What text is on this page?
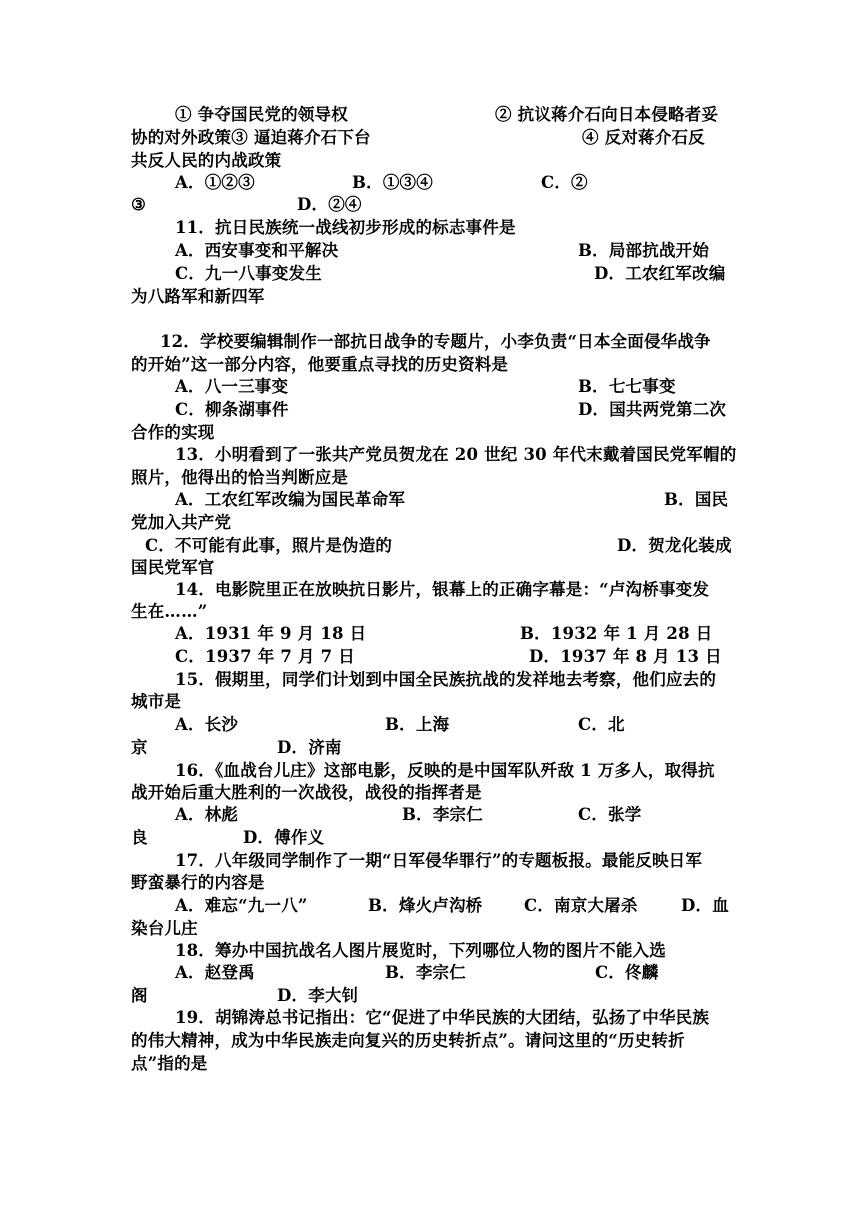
① 争夺国民党的领导权	② 抗议蒋介石向日本侵略者妥
协的对外政策③ 逼迫蒋介石下台	④ 反对蒋介石反
共反人民的内战政策
A．①②③	B．①③④	C．②
③	D．②④
11．抗日民族统一战线初步形成的标志事件是
A．西安事变和平解决	B．局部抗战开始
C．九一八事变发生	D．工农红军改编
为八路军和新四军
12．学校要编辑制作一部抗日战争的专题片，小李负责“日本全面侵华战争
的开始”这一部分内容，他要重点寻找的历史资料是
A．八一三事变	B．七七事变
C．柳条湖事件	D．国共两党第二次
合作的实现
13．小明看到了一张共产党员贺龙在 20 世纪 30 年代末戴着国民党军帽的
照片，他得出的恰当判断应是
A．工农红军改编为国民革命军	B．国民
党加入共产党
C．不可能有此事，照片是伪造的	D．贺龙化装成
国民党军官
14．电影院里正在放映抗日影片，银幕上的正确字幕是：“卢沟桥事变发
生在……”
A．1931 年 9 月 18 日	B．1932 年 1 月 28 日
C．1937 年 7 月 7 日	D．1937 年 8 月 13 日
15．假期里，同学们计划到中国全民族抗战的发祥地去考察，他们应去的
城市是
A．长沙	B．上海	C．北
京	D．济南
16．《血战台儿庄》这部电影，反映的是中国军队歼敌 1 万多人，取得抗
战开始后重大胜利的一次战役，战役的指挥者是
A．林彪	B．李宗仁	C．张学
良	D．傅作义
17．八年级同学制作了一期“日军侵华罪行”的专题板报。最能反映日军
野蛮暴行的内容是
A．难忘“九一八”	B．烽火卢沟桥	C．南京大屠杀	D．血
染台儿庄
18．筹办中国抗战名人图片展览时，下列哪位人物的图片不能入选
A．赵登禹	B．李宗仁	C．佟麟
阁	D．李大钊
19．胡锦涛总书记指出：它“促进了中华民族的大团结，弘扬了中华民族
的伟大精神，成为中华民族走向复兴的历史转折点”。请问这里的“历史转折
点”指的是
